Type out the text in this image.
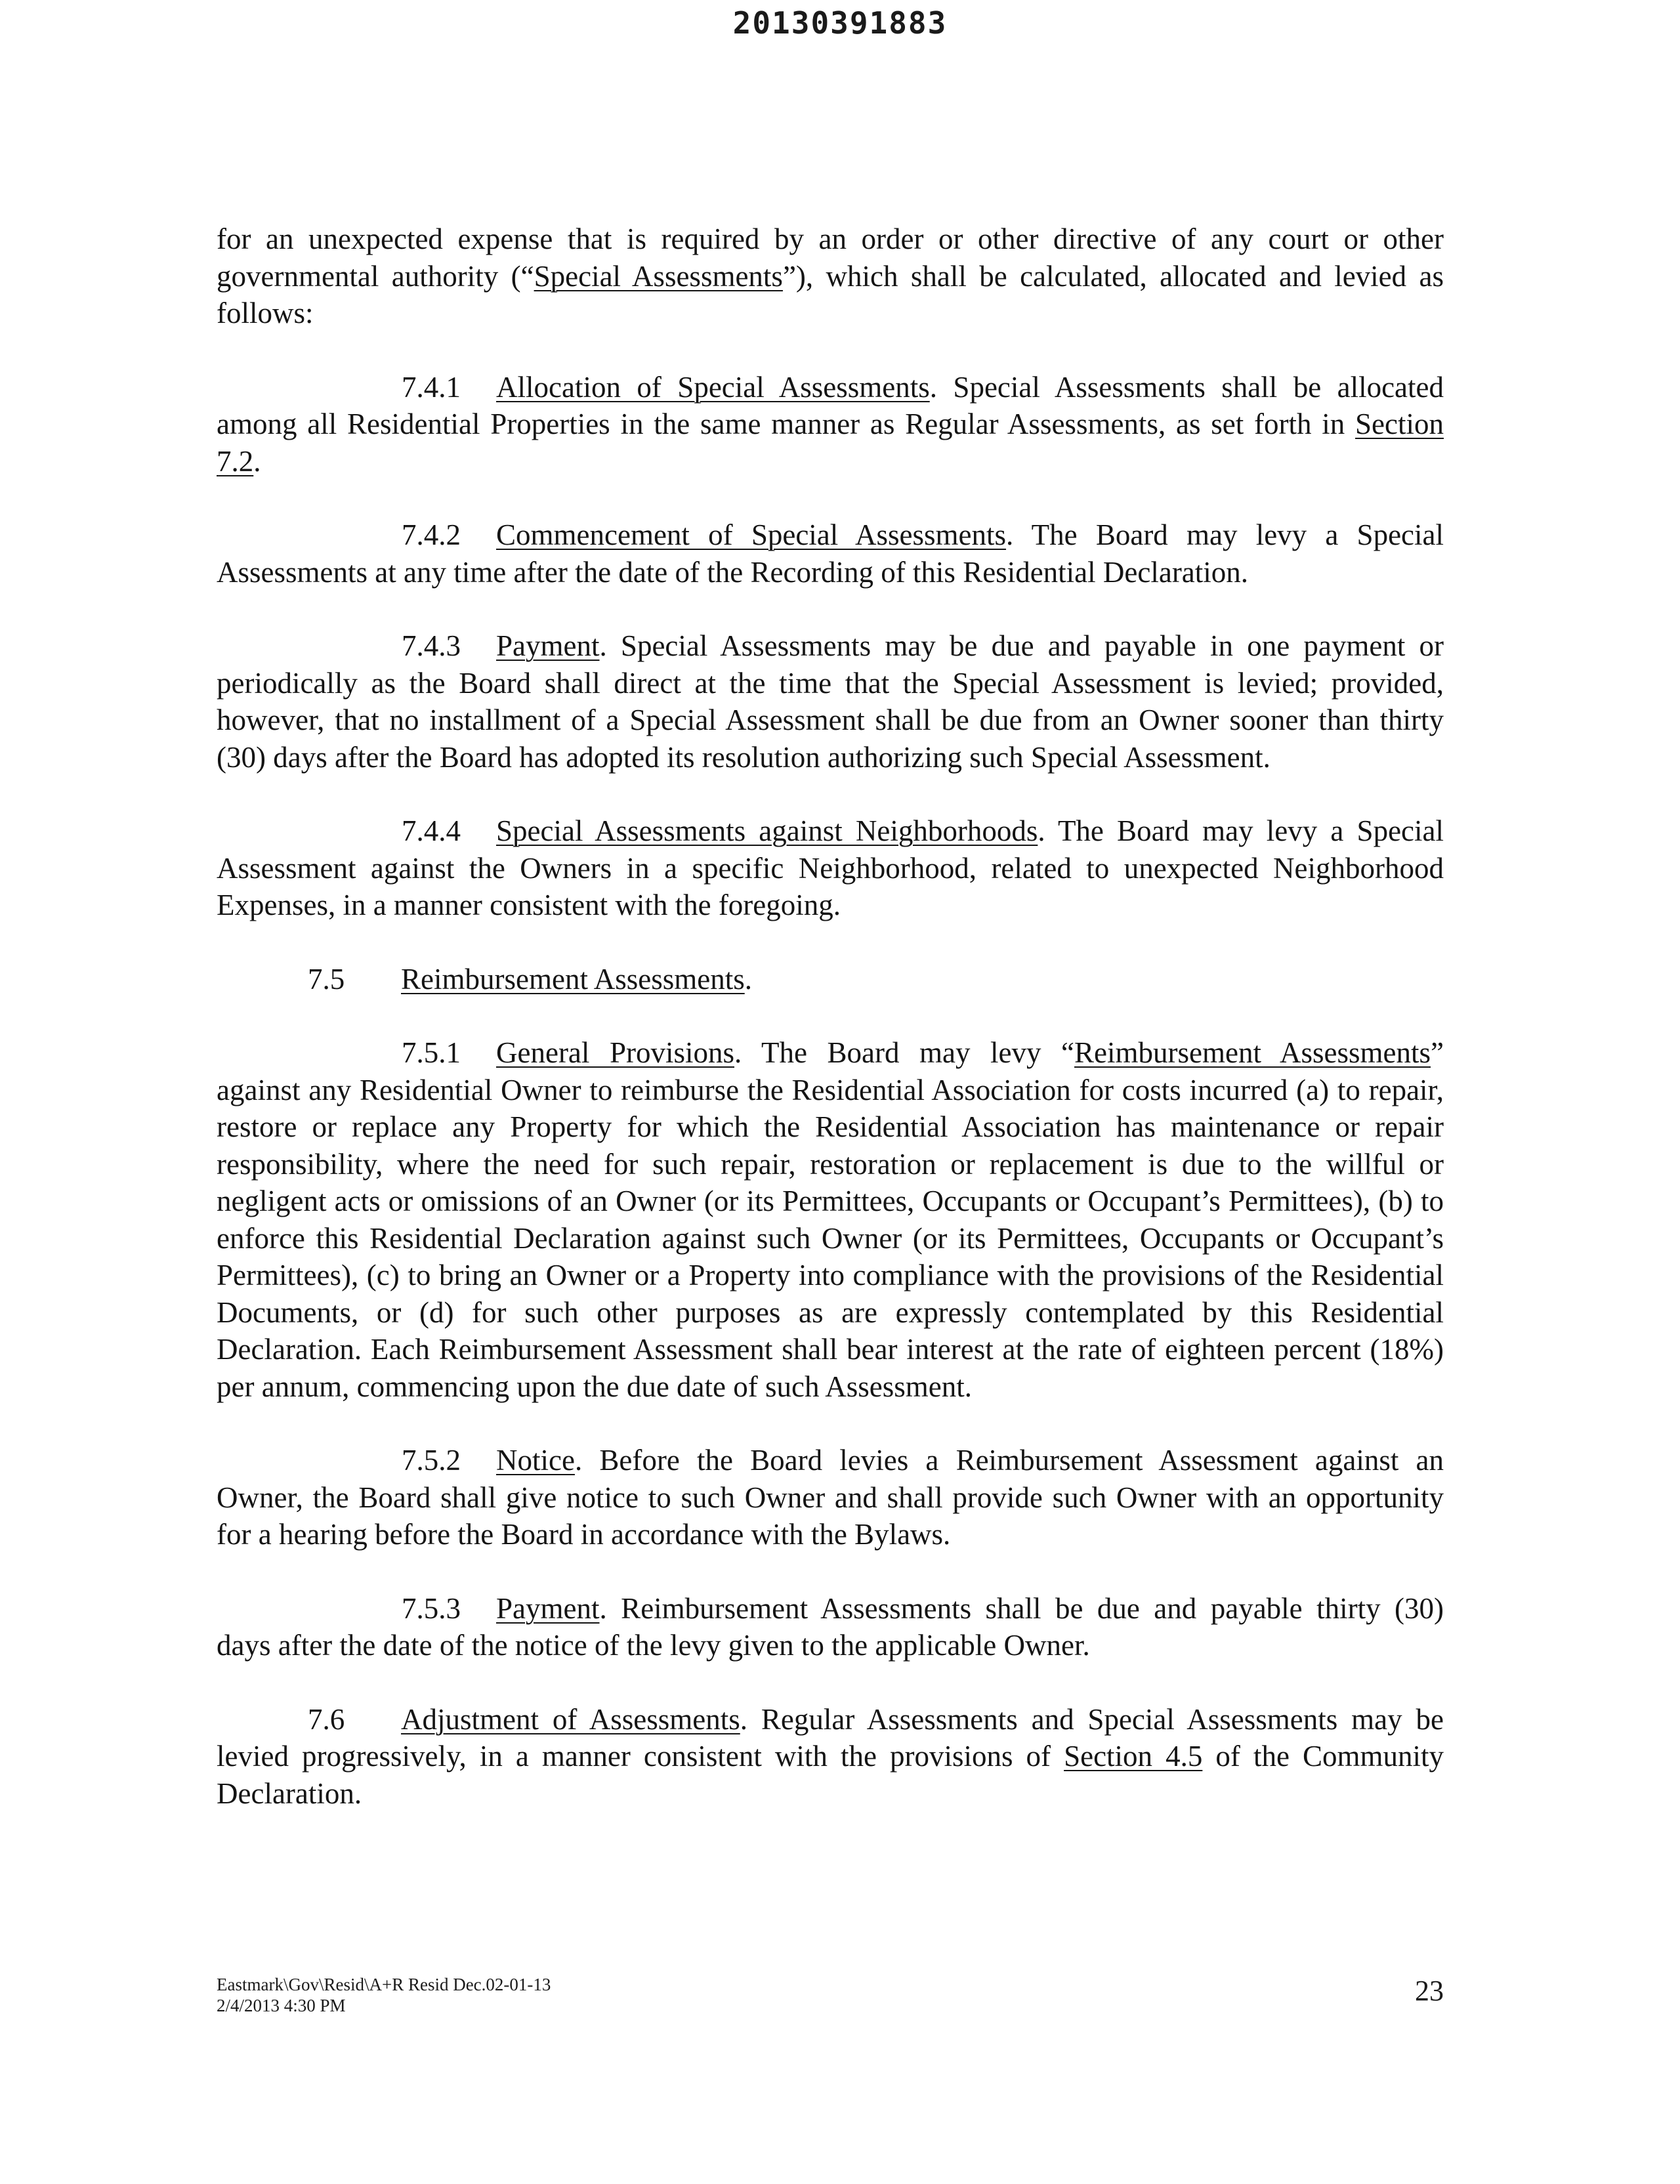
20130391883

for an unexpected expense that is required by an order or other directive of any court or other governmental authority (“Special Assessments”), which shall be calculated, allocated and levied as follows:

7.4.1 Allocation of Special Assessments. Special Assessments shall be allocated among all Residential Properties in the same manner as Regular Assessments, as set forth in Section 7.2.

7.4.2 Commencement of Special Assessments. The Board may levy a Special Assessments at any time after the date of the Recording of this Residential Declaration.

7.4.3 Payment. Special Assessments may be due and payable in one payment or periodically as the Board shall direct at the time that the Special Assessment is levied; provided, however, that no installment of a Special Assessment shall be due from an Owner sooner than thirty (30) days after the Board has adopted its resolution authorizing such Special Assessment.

7.4.4 Special Assessments against Neighborhoods. The Board may levy a Special Assessment against the Owners in a specific Neighborhood, related to unexpected Neighborhood Expenses, in a manner consistent with the foregoing.

7.5 Reimbursement Assessments.

7.5.1 General Provisions. The Board may levy “Reimbursement Assessments” against any Residential Owner to reimburse the Residential Association for costs incurred (a) to repair, restore or replace any Property for which the Residential Association has maintenance or repair responsibility, where the need for such repair, restoration or replacement is due to the willful or negligent acts or omissions of an Owner (or its Permittees, Occupants or Occupant’s Permittees), (b) to enforce this Residential Declaration against such Owner (or its Permittees, Occupants or Occupant’s Permittees), (c) to bring an Owner or a Property into compliance with the provisions of the Residential Documents, or (d) for such other purposes as are expressly contemplated by this Residential Declaration. Each Reimbursement Assessment shall bear interest at the rate of eighteen percent (18%) per annum, commencing upon the due date of such Assessment.

7.5.2 Notice. Before the Board levies a Reimbursement Assessment against an Owner, the Board shall give notice to such Owner and shall provide such Owner with an opportunity for a hearing before the Board in accordance with the Bylaws.

7.5.3 Payment. Reimbursement Assessments shall be due and payable thirty (30) days after the date of the notice of the levy given to the applicable Owner.

7.6 Adjustment of Assessments. Regular Assessments and Special Assessments may be levied progressively, in a manner consistent with the provisions of Section 4.5 of the Community Declaration.

Eastmark\Gov\Resid\A+R Resid Dec.02-01-13
2/4/2013 4:30 PM	23
